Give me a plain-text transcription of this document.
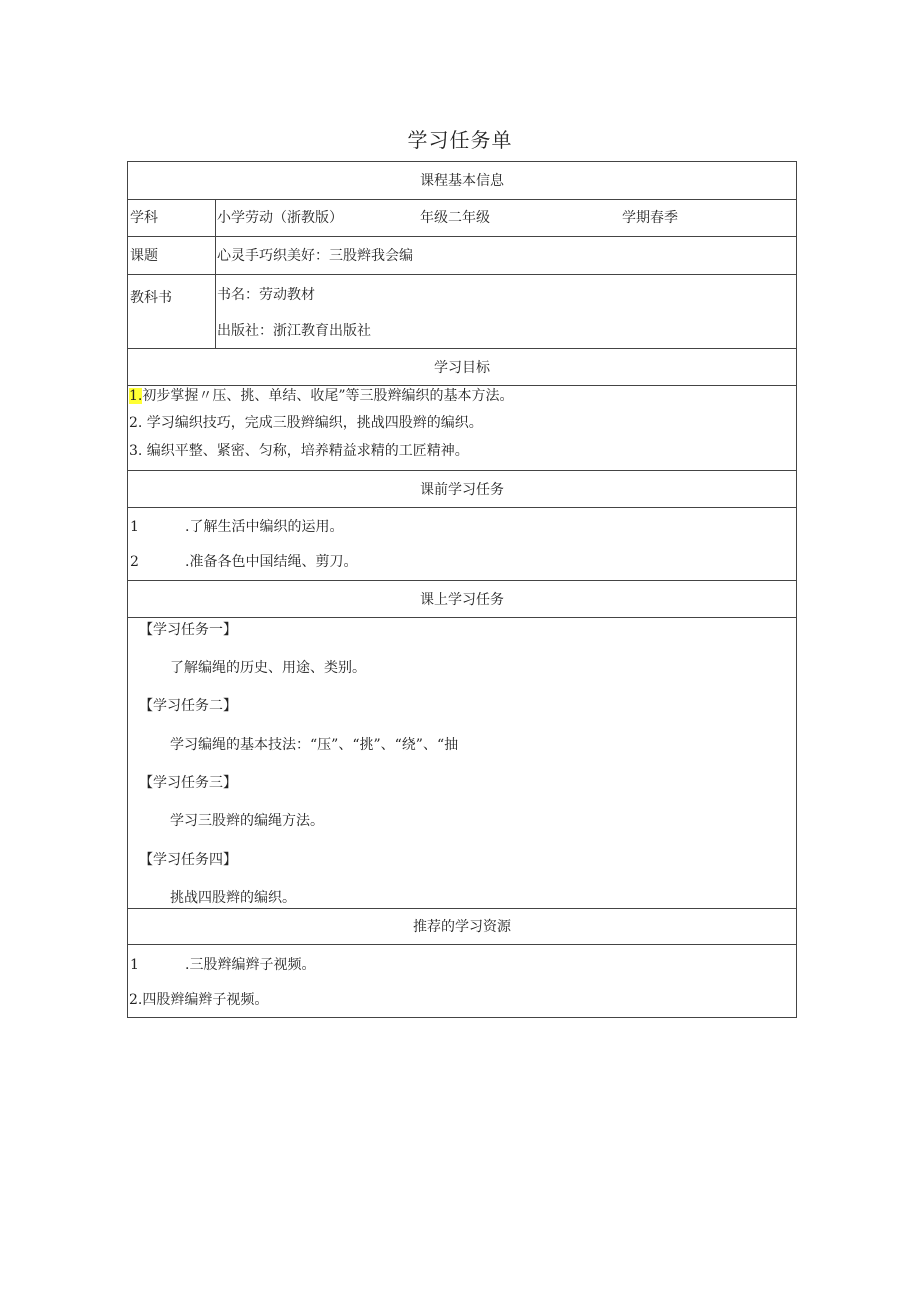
学习任务单
课程基本信息
学科	小学劳动（浙教版）	年级二年级	学期春季
课题	心灵手巧织美好：三股辫我会编
教科书	书名：劳动教材
出版社：浙江教育出版社
学习目标
1.初步掌握〃压、挑、单结、收尾”等三股辫编织的基本方法。
2. 学习编织技巧，完成三股辫编织，挑战四股辫的编织。
3. 编织平整、紧密、匀称，培养精益求精的工匠精神。
课前学习任务
1	.了解生活中编织的运用。
2	.准备各色中国结绳、剪刀。
课上学习任务
【学习任务一】
了解编绳的历史、用途、类别。
【学习任务二】
学习编绳的基本技法：“压”、“挑”、“绕”、“抽
【学习任务三】
学习三股辫的编绳方法。
【学习任务四】
挑战四股辫的编织。
推荐的学习资源
1	.三股辫编辫子视频。
2.四股辫编辫子视频。
